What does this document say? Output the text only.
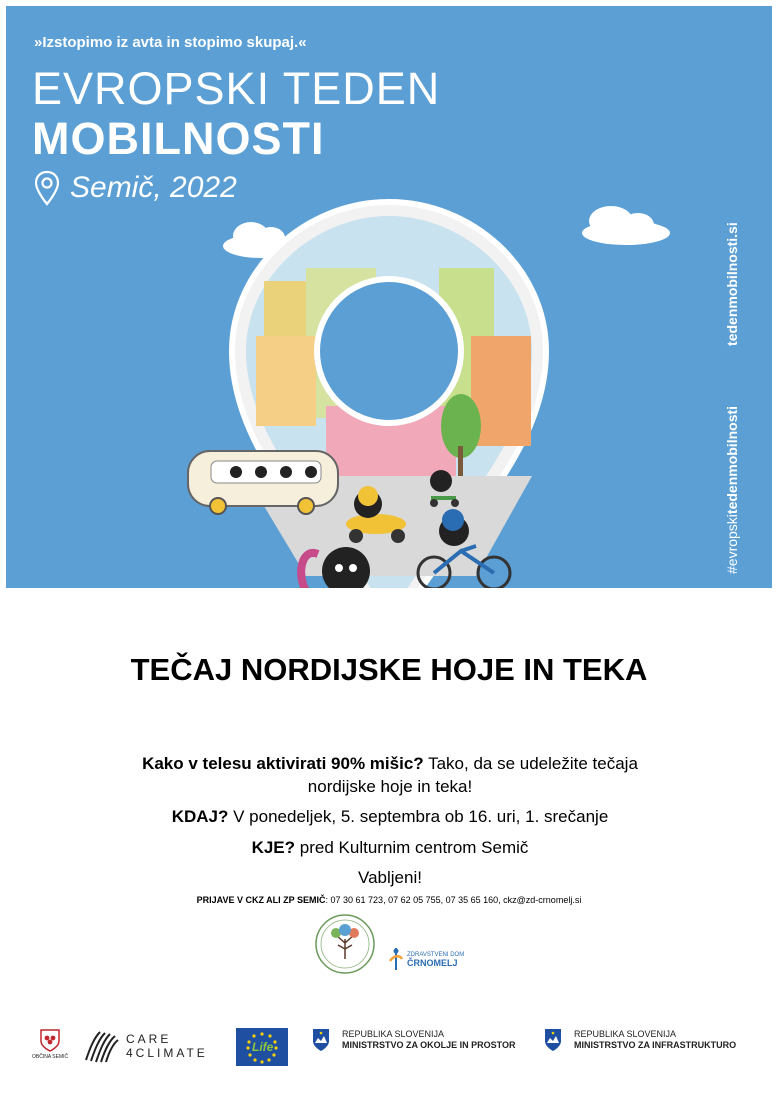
»Izstopimo iz avta in stopimo skupaj.«
EVROPSKI TEDEN
MOBILNOSTI
Semič, 2022
#evropskitedenmobilnostitedenmobilnosti.si
TEČAJ NORDIJSKE HOJE IN TEKA
Kako v telesu aktivirati 90% mišic? Tako, da se udeležite tečaja nordijske hoje in teka!
KDAJ? V ponedeljek, 5. septembra ob 16. uri, 1. srečanje
KJE? pred Kulturnim centrom Semič
Vabljeni!
PRIJAVE V CKZ ALI ZP SEMIČ: 07 30 61 723, 07 62 05 755, 07 35 65 160, ckz@zd-crnomelj.si
ZDRAVSTVENI DOM
ČRNOMELJ
OBČINA SEMIČ
CARE
4CLIMATE	Life
REPUBLIKA SLOVENIJA
MINISTRSTVO ZA OKOLJE IN PROSTOR
REPUBLIKA SLOVENIJA
MINISTRSTVO ZA INFRASTRUKTURO
